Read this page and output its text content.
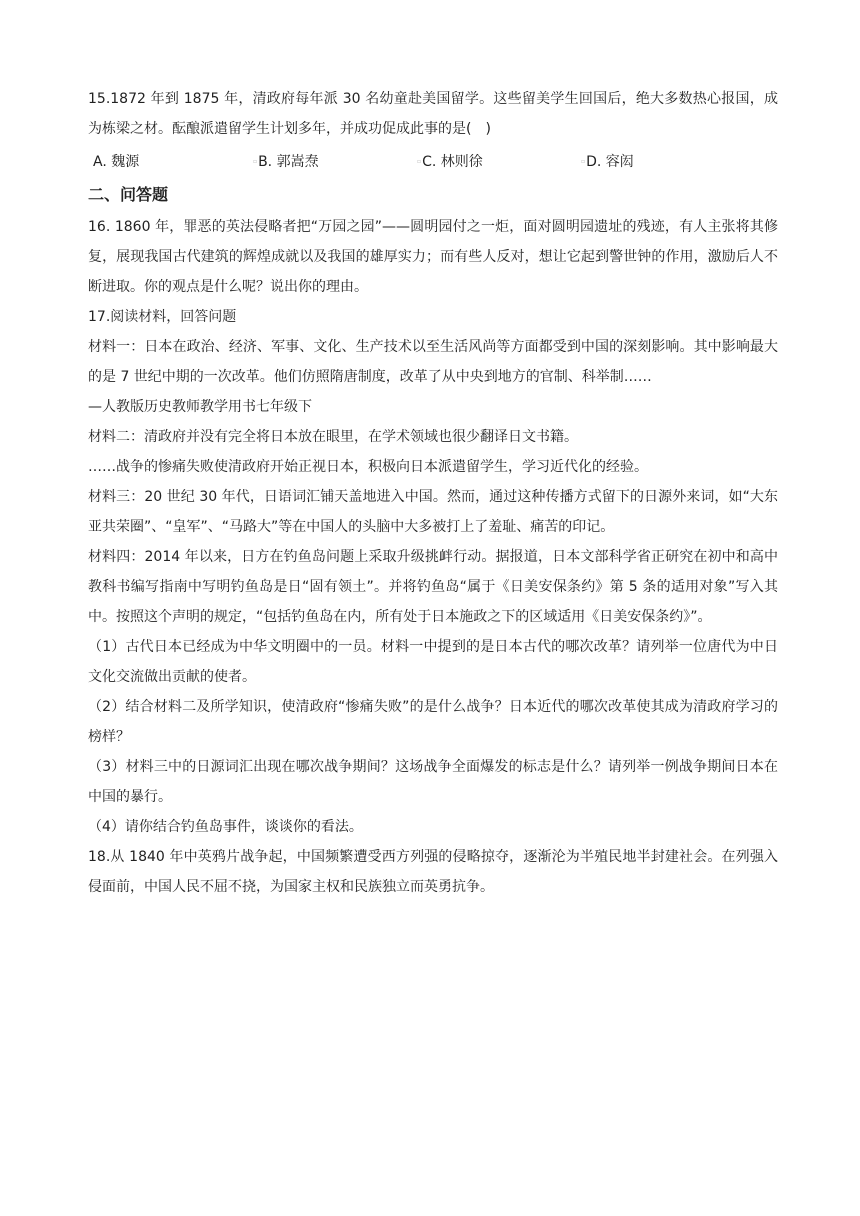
15.1872 年到 1875 年，清政府每年派 30 名幼童赴美国留学。这些留美学生回国后，绝大多数热心报国，成为栋梁之材。酝酿派遣留学生计划多年，并成功促成此事的是(　)

A. 魏源	▫B. 郭嵩焘	▫C. 林则徐	▫D. 容闳
二、问答题

16. 1860 年，罪恶的英法侵略者把“万园之园”——圆明园付之一炬，面对圆明园遗址的残迹，有人主张将其修复，展现我国古代建筑的辉煌成就以及我国的雄厚实力；而有些人反对，想让它起到警世钟的作用，激励后人不断进取。你的观点是什么呢？说出你的理由。

17.阅读材料，回答问题

材料一：日本在政治、经济、军事、文化、生产技术以至生活风尚等方面都受到中国的深刻影响。其中影响最大的是 7 世纪中期的一次改革。他们仿照隋唐制度，改革了从中央到地方的官制、科举制……

—人教版历史教师教学用书七年级下

材料二：清政府并没有完全将日本放在眼里，在学术领域也很少翻译日文书籍。

……战争的惨痛失败使清政府开始正视日本，积极向日本派遣留学生，学习近代化的经验。

材料三：20 世纪 30 年代，日语词汇铺天盖地进入中国。然而，通过这种传播方式留下的日源外来词，如“大东亚共荣圈”、“皇军”、“马路大”等在中国人的头脑中大多被打上了羞耻、痛苦的印记。

材料四：2014 年以来，日方在钓鱼岛问题上采取升级挑衅行动。据报道，日本文部科学省正研究在初中和高中教科书编写指南中写明钓鱼岛是日“固有领土”。并将钓鱼岛“属于《日美安保条约》第 5 条的适用对象”写入其中。按照这个声明的规定，“包括钓鱼岛在内，所有处于日本施政之下的区域适用《日美安保条约》”。

（1）古代日本已经成为中华文明圈中的一员。材料一中提到的是日本古代的哪次改革？请列举一位唐代为中日文化交流做出贡献的使者。

（2）结合材料二及所学知识，使清政府“惨痛失败”的是什么战争？日本近代的哪次改革使其成为清政府学习的榜样？

（3）材料三中的日源词汇出现在哪次战争期间？这场战争全面爆发的标志是什么？请列举一例战争期间日本在中国的暴行。

（4）请你结合钓鱼岛事件，谈谈你的看法。

18.从 1840 年中英鸦片战争起，中国频繁遭受西方列强的侵略掠夺，逐渐沦为半殖民地半封建社会。在列强入侵面前，中国人民不屈不挠，为国家主权和民族独立而英勇抗争。
